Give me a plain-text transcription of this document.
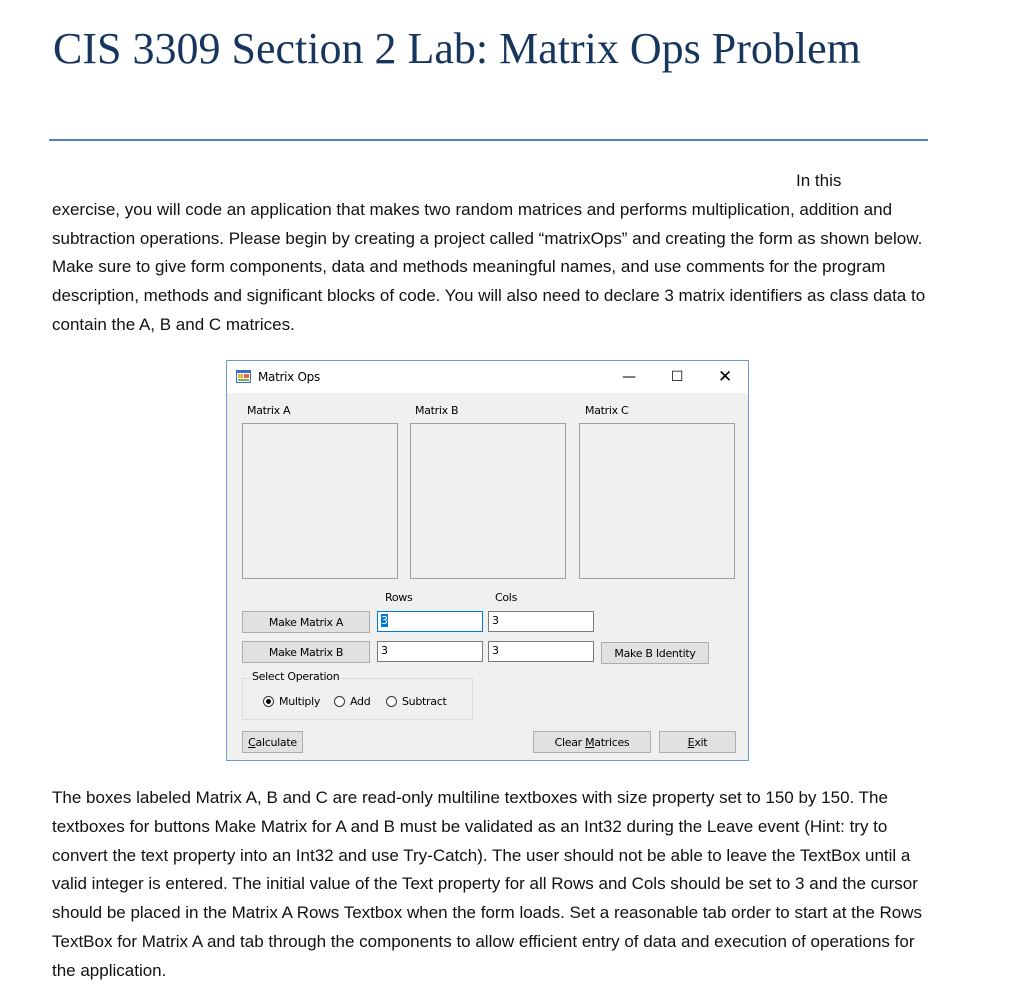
CIS 3309 Section 2 Lab: Matrix Ops Problem

In this
exercise, you will code an application that makes two random matrices and performs multiplication, addition and subtraction operations. Please begin by creating a project called “matrixOps” and creating the form as shown below. Make sure to give form components, data and methods meaningful names, and use comments for the program description, methods and significant blocks of code. You will also need to declare 3 matrix identifiers as class data to contain the A, B and C matrices.

Matrix Ops	—	☐ ✕
Matrix A	Matrix B	Matrix C
Rows	Cols
Make Matrix A	3	3
Make Matrix B	3	3	Make B Identity
Select Operation
Multiply	Add	Subtract
Calculate	Clear Matrices	Exit

The boxes labeled Matrix A, B and C are read-only multiline textboxes with size property set to 150 by 150. The textboxes for buttons Make Matrix for A and B must be validated as an Int32 during the Leave event (Hint: try to convert the text property into an Int32 and use Try-Catch). The user should not be able to leave the TextBox until a valid integer is entered. The initial value of the Text property for all Rows and Cols should be set to 3 and the cursor should be placed in the Matrix A Rows Textbox when the form loads. Set a reasonable tab order to start at the Rows TextBox for Matrix A and tab through the components to allow efficient entry of data and execution of operations for the application.
